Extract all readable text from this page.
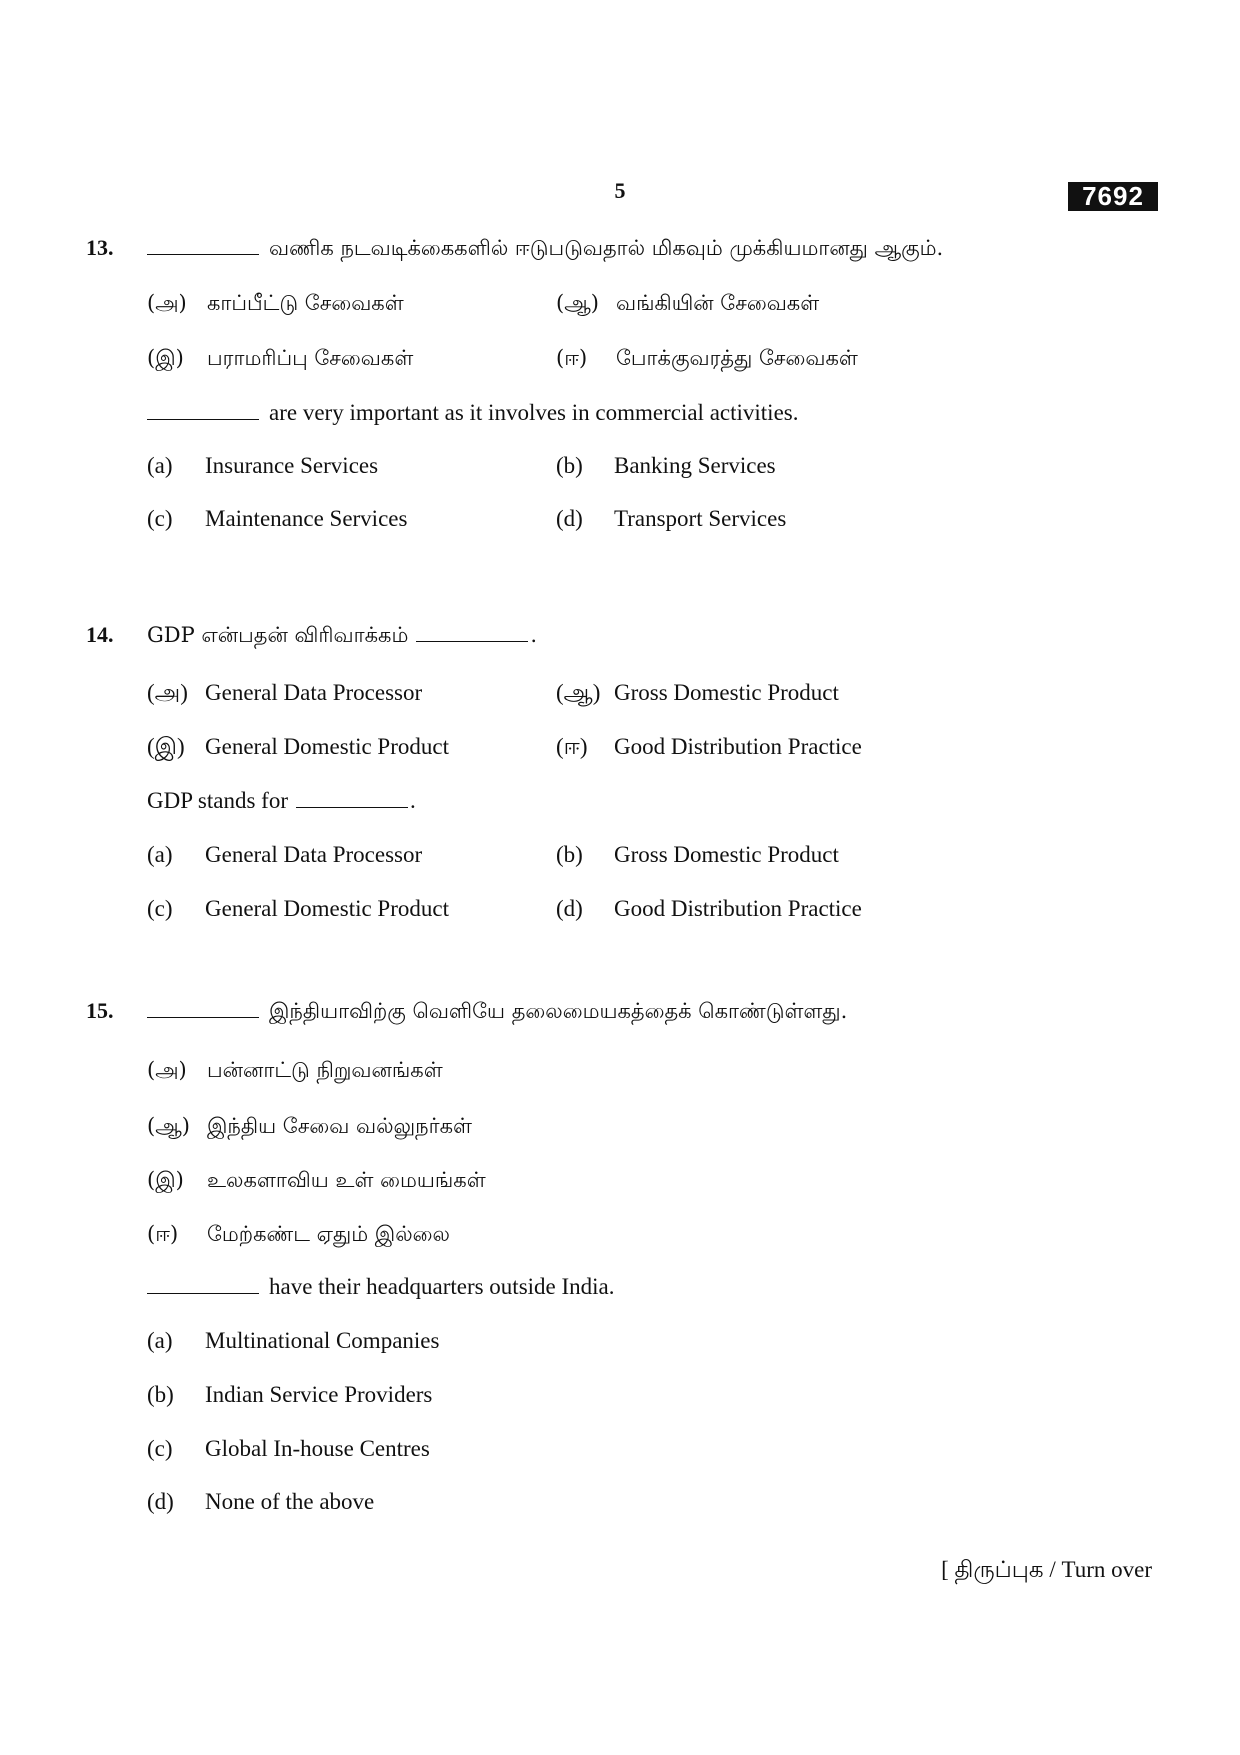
5	7692
13.	வணிக நடவடிக்கைகளில் ஈடுபடுவதால் மிகவும் முக்கியமானது ஆகும்.
(அ) காப்பீட்டு சேவைகள்	(ஆ) வங்கியின் சேவைகள்
(இ) பராமரிப்பு சேவைகள்	(ஈ) போக்குவரத்து சேவைகள்
are very important as it involves in commercial activities.
(a) Insurance Services	(b) Banking Services
(c) Maintenance Services	(d) Transport Services
14. GDP என்பதன் விரிவாக்கம்	.
(அ) General Data Processor	(ஆ) Gross Domestic Product
(இ) General Domestic Product	(ஈ) Good Distribution Practice
GDP stands for	.
(a) General Data Processor	(b) Gross Domestic Product
(c) General Domestic Product	(d) Good Distribution Practice
15.	இந்தியாவிற்கு வெளியே தலைமையகத்தைக் கொண்டுள்ளது.
(அ) பன்னாட்டு நிறுவனங்கள்
(ஆ) இந்திய சேவை வல்லுநர்கள்
(இ) உலகளாவிய உள் மையங்கள்
(ஈ) மேற்கண்ட ஏதும் இல்லை
have their headquarters outside India.
(a) Multinational Companies
(b) Indian Service Providers
(c) Global In-house Centres
(d) None of the above
[ திருப்புக / Turn over
